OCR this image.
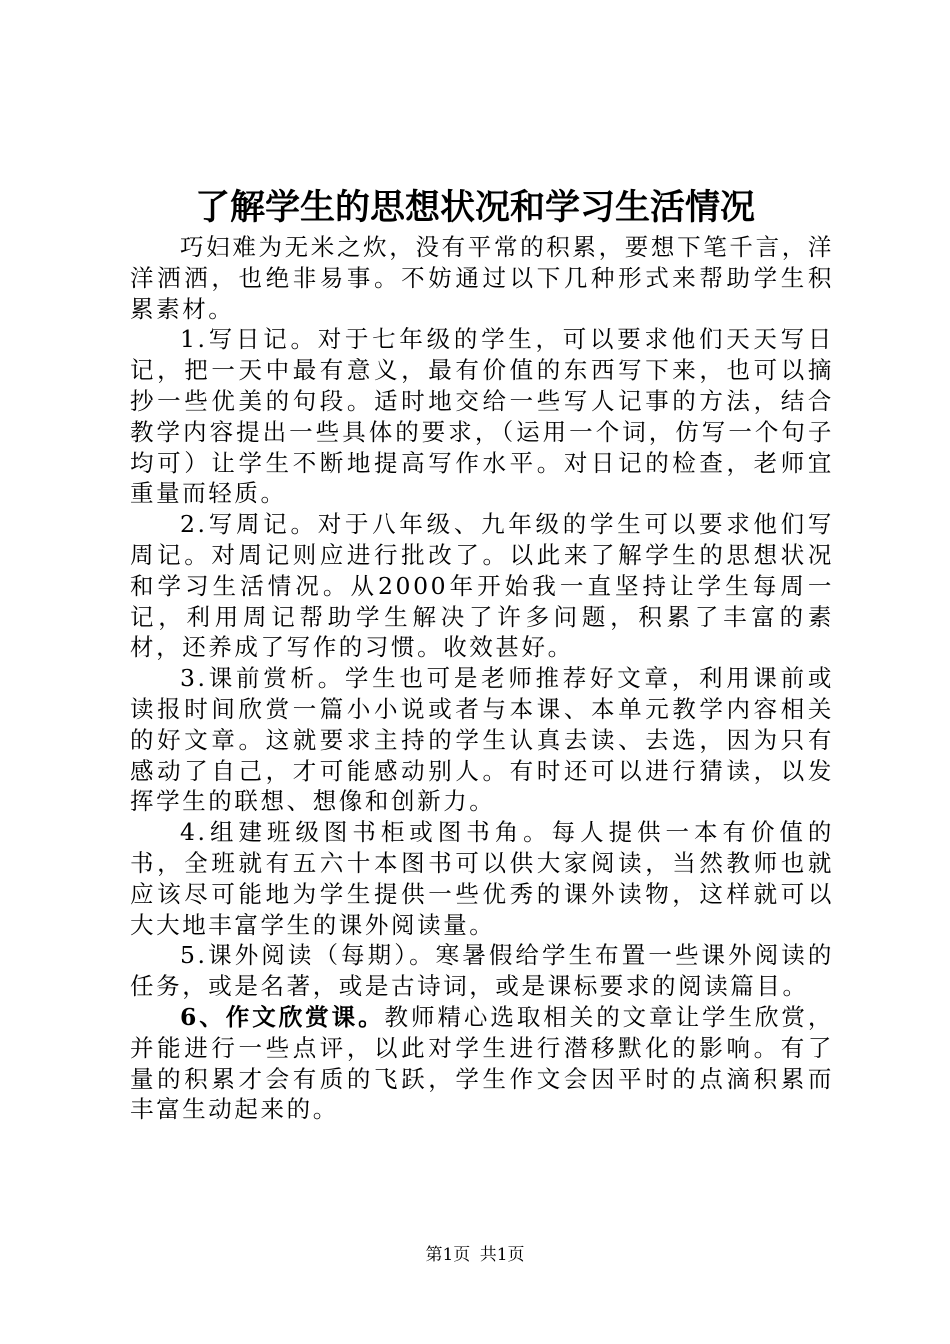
了解学生的思想状况和学习生活情况

巧妇难为无米之炊，没有平常的积累，要想下笔千言，洋洋洒洒，也绝非易事。不妨通过以下几种形式来帮助学生积累素材。

1.写日记。对于七年级的学生，可以要求他们天天写日记，把一天中最有意义，最有价值的东西写下来，也可以摘抄一些优美的句段。适时地交给一些写人记事的方法，结合教学内容提出一些具体的要求，（运用一个词，仿写一个句子均可）让学生不断地提高写作水平。对日记的检查，老师宜重量而轻质。

2.写周记。对于八年级、九年级的学生可以要求他们写周记。对周记则应进行批改了。以此来了解学生的思想状况和学习生活情况。从2000年开始我一直坚持让学生每周一记，利用周记帮助学生解决了许多问题，积累了丰富的素材，还养成了写作的习惯。收效甚好。

3.课前赏析。学生也可是老师推荐好文章，利用课前或读报时间欣赏一篇小小说或者与本课、本单元教学内容相关的好文章。这就要求主持的学生认真去读、去选，因为只有感动了自己，才可能感动别人。有时还可以进行猜读，以发挥学生的联想、想像和创新力。

4.组建班级图书柜或图书角。每人提供一本有价值的书，全班就有五六十本图书可以供大家阅读，当然教师也就应该尽可能地为学生提供一些优秀的课外读物，这样就可以大大地丰富学生的课外阅读量。

5.课外阅读（每期）。寒暑假给学生布置一些课外阅读的任务，或是名著，或是古诗词，或是课标要求的阅读篇目。

6、作文欣赏课。教师精心选取相关的文章让学生欣赏，并能进行一些点评，以此对学生进行潜移默化的影响。有了量的积累才会有质的飞跃，学生作文会因平时的点滴积累而丰富生动起来的。

第1页 共1页
